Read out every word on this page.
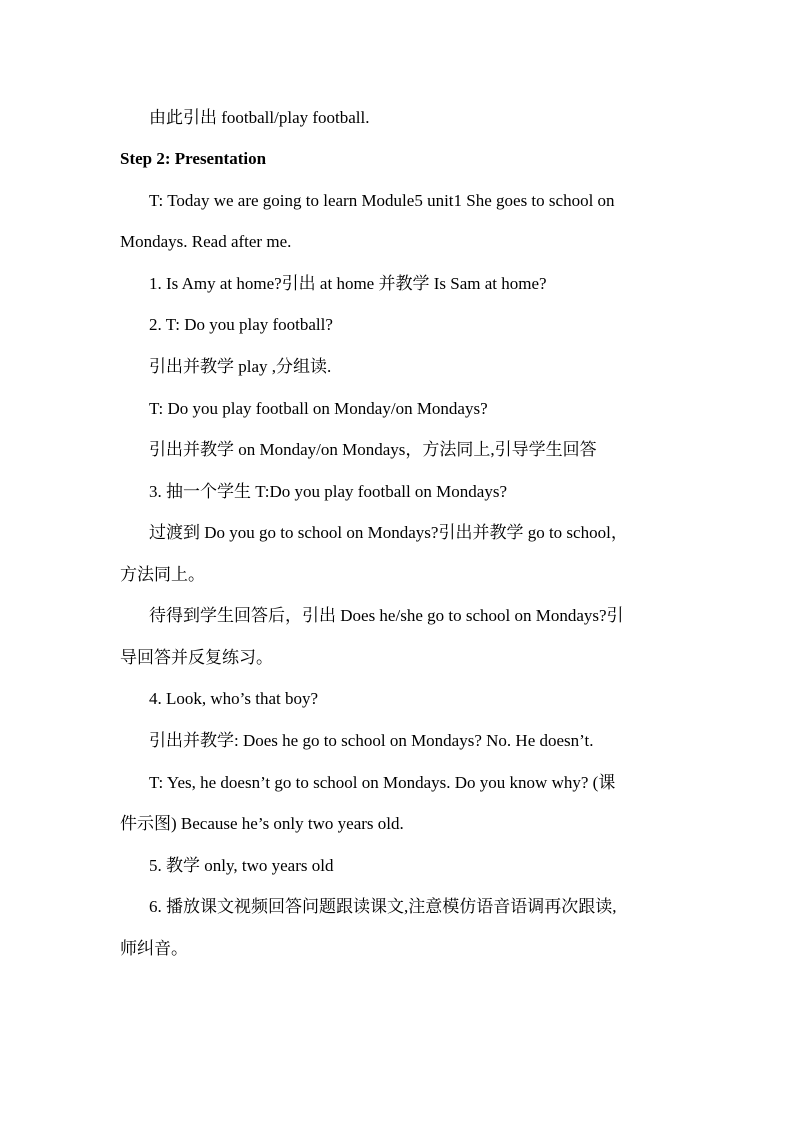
由此引出 football/play football.
Step 2: Presentation
T: Today we are going to learn Module5 unit1 She goes to school on
Mondays. Read after me.
1. Is Amy at home?引出 at home 并教学 Is Sam at home?
2. T: Do you play football?
引出并教学 play ,分组读.
T: Do you play football on Monday/on Mondays?
引出并教学 on Monday/on Mondays，方法同上,引导学生回答
3. 抽一个学生 T:Do you play football on Mondays?
过渡到 Do you go to school on Mondays?引出并教学 go to school，
方法同上。
待得到学生回答后，引出 Does he/she go to school on Mondays?引
导回答并反复练习。
4. Look, who’s that boy?
引出并教学: Does he go to school on Mondays? No. He doesn’t.
T: Yes, he doesn’t go to school on Mondays. Do you know why? (课
件示图) Because he’s only two years old.
5. 教学 only, two years old
6. 播放课文视频回答问题跟读课文,注意模仿语音语调再次跟读,
师纠音。
